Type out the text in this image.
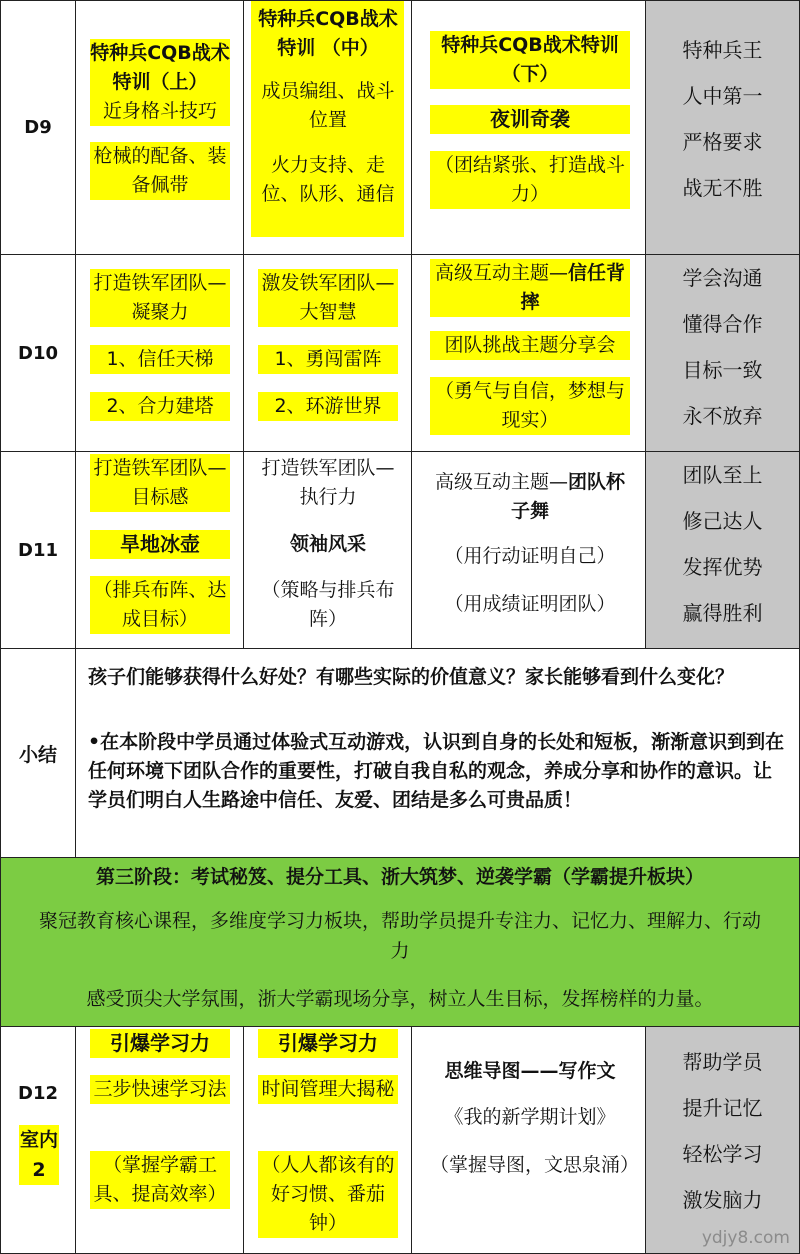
D9
特种兵CQB战术特训（上）
近身格斗技巧
枪械的配备、装备佩带
特种兵CQB战术特训 （中）
成员编组、战斗位置
火力支持、走位、队形、通信
特种兵CQB战术特训（下）
夜训奇袭
（团结紧张、打造战斗力）
特种兵王
人中第一
严格要求
战无不胜
D10
打造铁军团队—凝聚力
1、信任天梯
2、合力建塔
激发铁军团队—大智慧
1、勇闯雷阵
2、环游世界
高级互动主题—信任背摔
团队挑战主题分享会
（勇气与自信，梦想与现实）
学会沟通
懂得合作
目标一致
永不放弃
D11
打造铁军团队—目标感
旱地冰壶
（排兵布阵、达成目标）
打造铁军团队—执行力
领袖风采
（策略与排兵布阵）
高级互动主题—团队杯子舞
（用行动证明自己）
（用成绩证明团队）
团队至上
修己达人
发挥优势
赢得胜利
小结
孩子们能够获得什么好处？有哪些实际的价值意义？家长能够看到什么变化？
•在本阶段中学员通过体验式互动游戏，认识到自身的长处和短板，渐渐意识到到在任何环境下团队合作的重要性，打破自我自私的观念，养成分享和协作的意识。让学员们明白人生路途中信任、友爱、团结是多么可贵品质！
第三阶段：考试秘笈、提分工具、浙大筑梦、逆袭学霸（学霸提升板块）
聚冠教育核心课程，多维度学习力板块，帮助学员提升专注力、记忆力、理解力、行动力
感受顶尖大学氛围，浙大学霸现场分享，树立人生目标，发挥榜样的力量。
D12
室内2
引爆学习力
三步快速学习法
（掌握学霸工具、提高效率）
引爆学习力
时间管理大揭秘
（人人都该有的好习惯、番茄钟）
思维导图——写作文
《我的新学期计划》
（掌握导图，文思泉涌）
帮助学员
提升记忆
轻松学习
激发脑力
ydjy8.com
